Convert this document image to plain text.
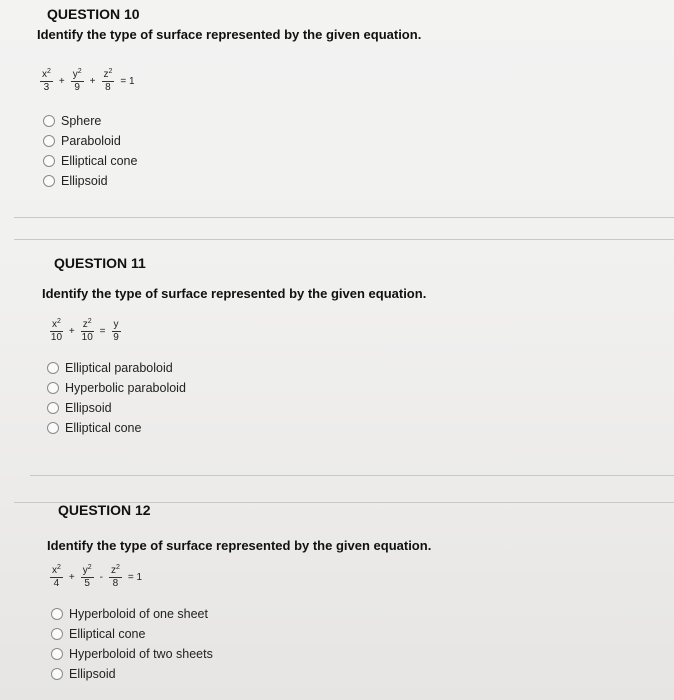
QUESTION 10
Identify the type of surface represented by the given equation.
$\frac{x^2}{3} + \frac{y^2}{9} + \frac{z^2}{8} = 1$
Sphere
Paraboloid
Elliptical cone
Ellipsoid
QUESTION 11
Identify the type of surface represented by the given equation.
$\frac{x^2}{10} + \frac{z^2}{10} = \frac{y}{9}$
Elliptical paraboloid
Hyperbolic paraboloid
Ellipsoid
Elliptical cone
QUESTION 12
Identify the type of surface represented by the given equation.
$\frac{x^2}{4} + \frac{y^2}{5} - \frac{z^2}{8} = 1$
Hyperboloid of one sheet
Elliptical cone
Hyperboloid of two sheets
Ellipsoid
